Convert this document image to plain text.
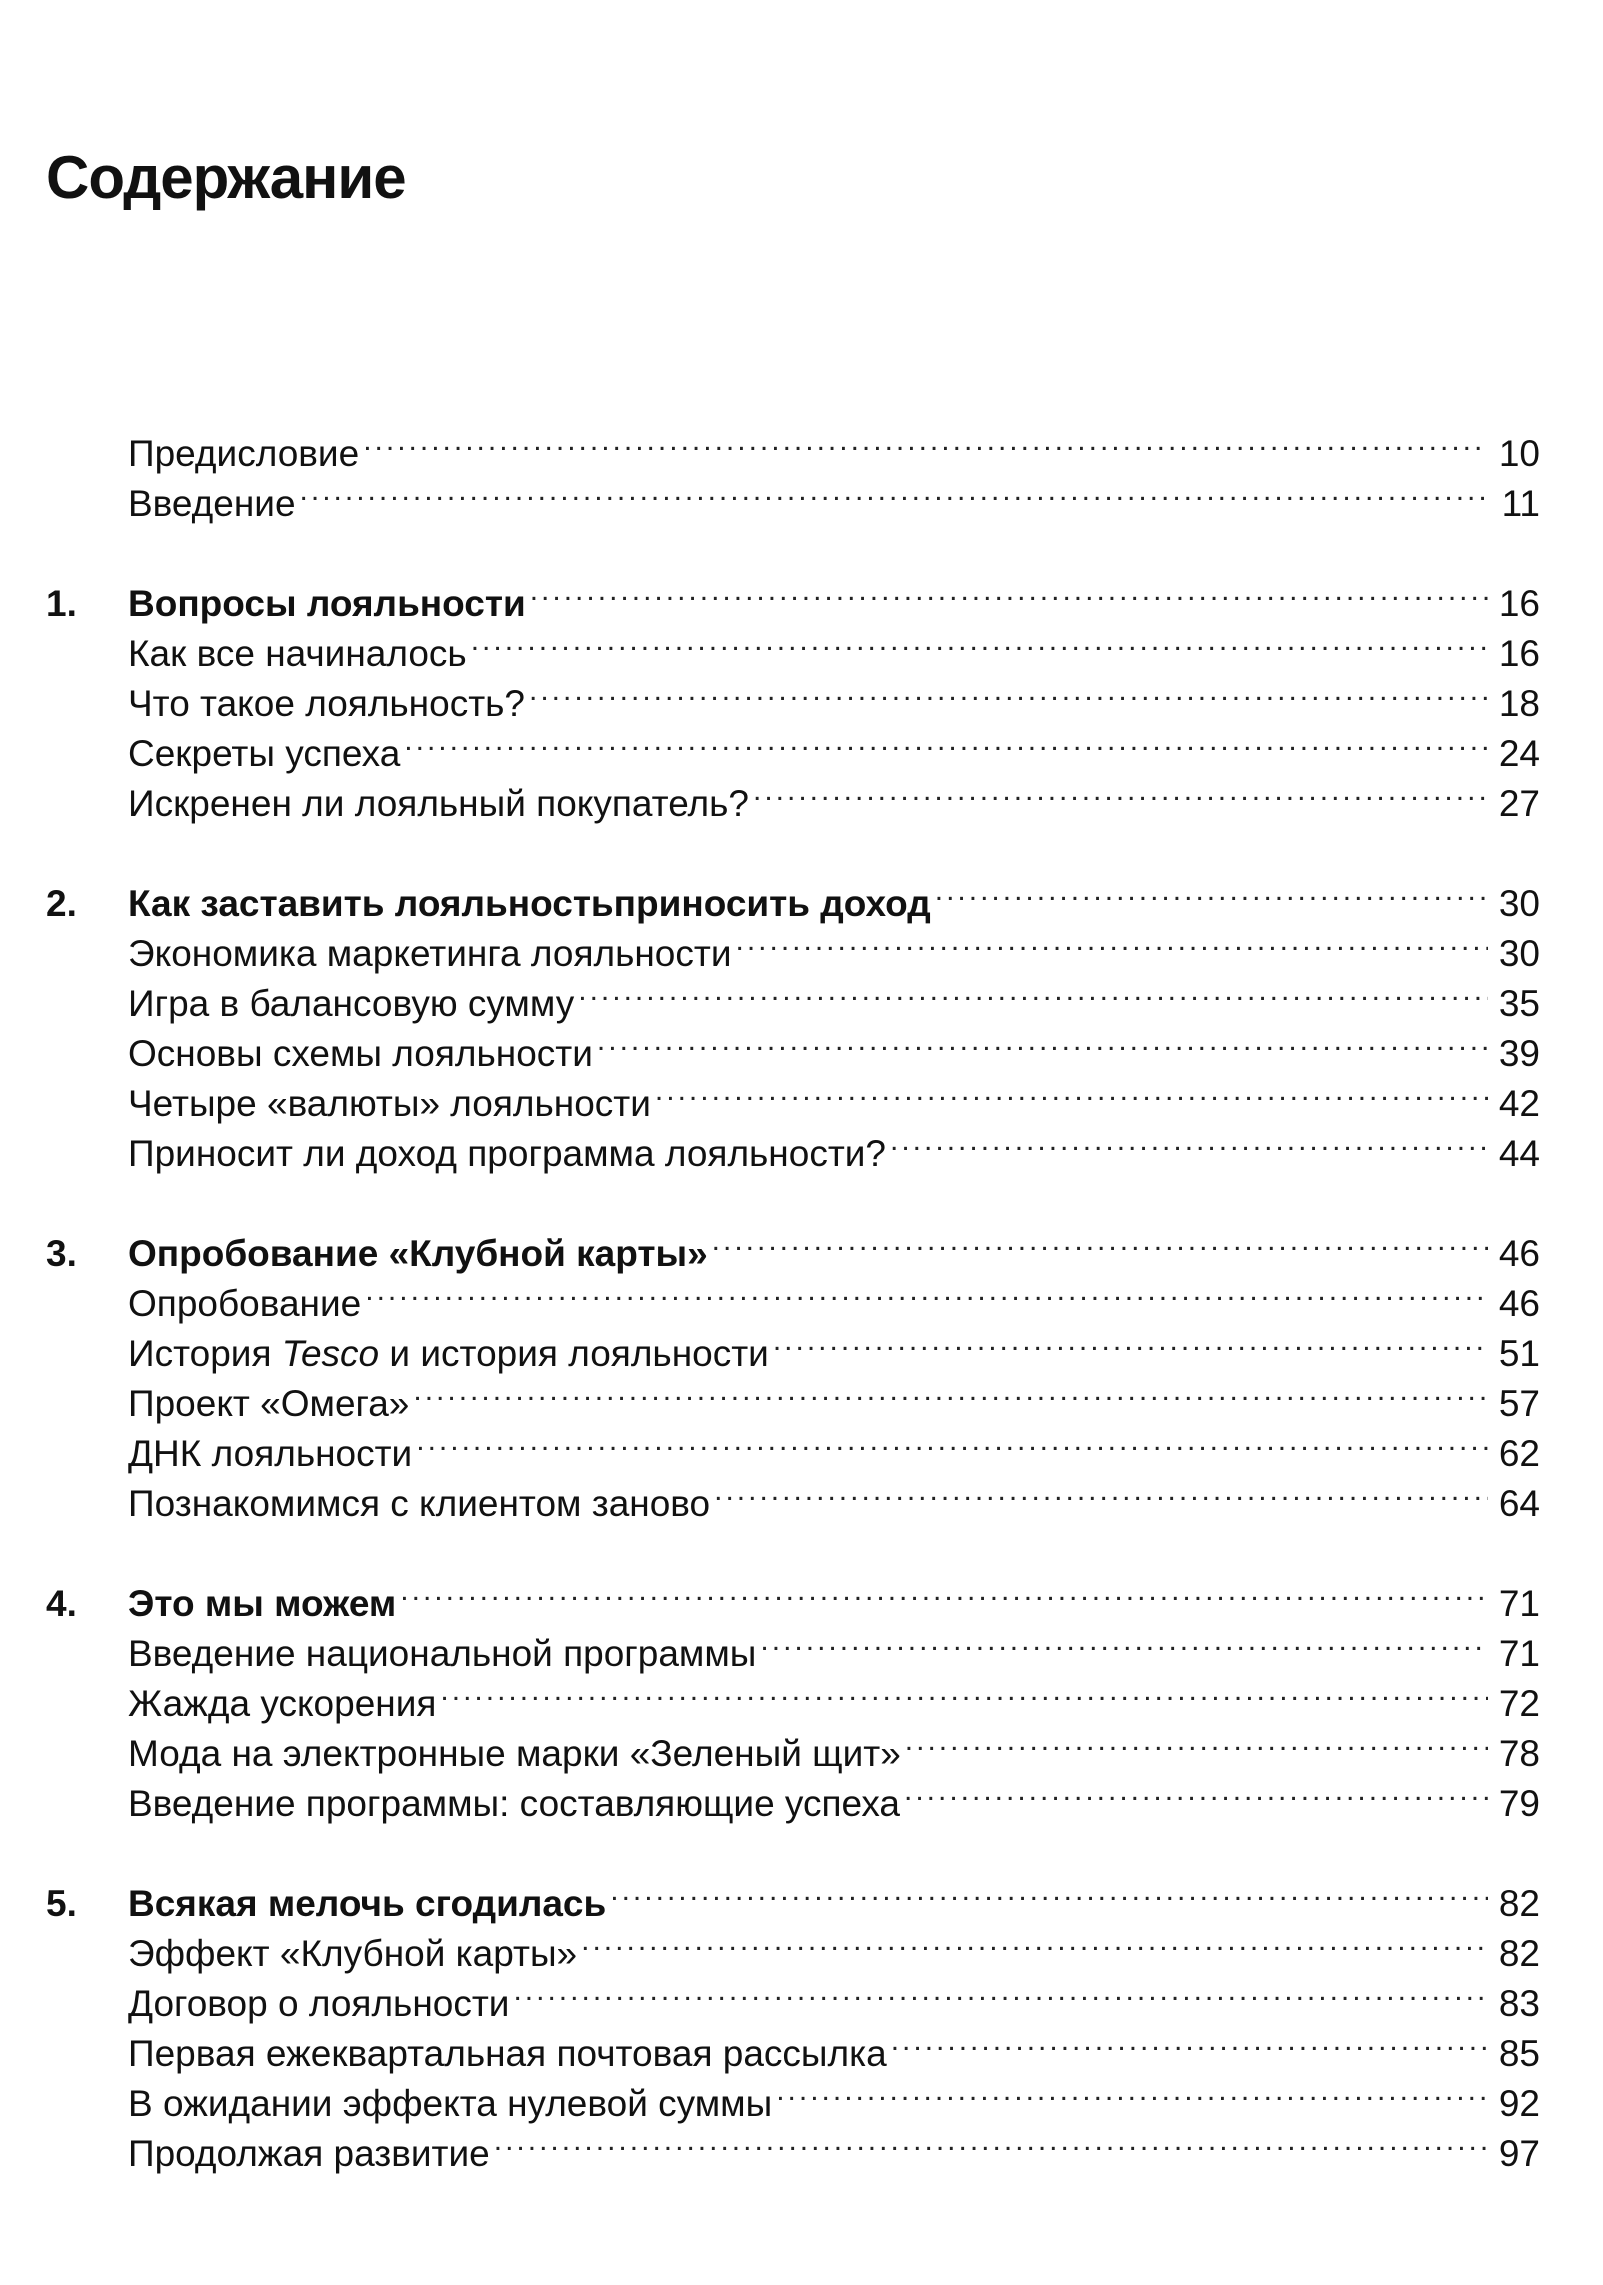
Содержание
Предисловие .....	10
Введение .....	11
1.	Вопросы лояльности .....	16
Как все начиналось .....	16
Что такое лояльность? .....	18
Секреты успеха .....	24
Искренен ли лояльный покупатель? .....	27
2.	Как заставить лояльностьприносить доход .....	30
Экономика маркетинга лояльности .....	30
Игра в балансовую сумму .....	35
Основы схемы лояльности .....	39
Четыре «валюты» лояльности .....	42
Приносит ли доход программа лояльности? .....	44
3.	Опробование «Клубной карты» .....	46
Опробование .....	46
История Tesco и история лояльности .....	51
Проект «Омега» .....	57
ДНК лояльности .....	62
Познакомимся с клиентом заново .....	64
4.	Это мы можем .....	71
Введение национальной программы .....	71
Жажда ускорения .....	72
Мода на электронные марки «Зеленый щит» .....	78
Введение программы: составляющие успеха .....	79
5.	Всякая мелочь сгодилась .....	82
Эффект «Клубной карты» .....	82
Договор о лояльности .....	83
Первая ежеквартальная почтовая рассылка .....	85
В ожидании эффекта нулевой суммы .....	92
Продолжая развитие .....	97
